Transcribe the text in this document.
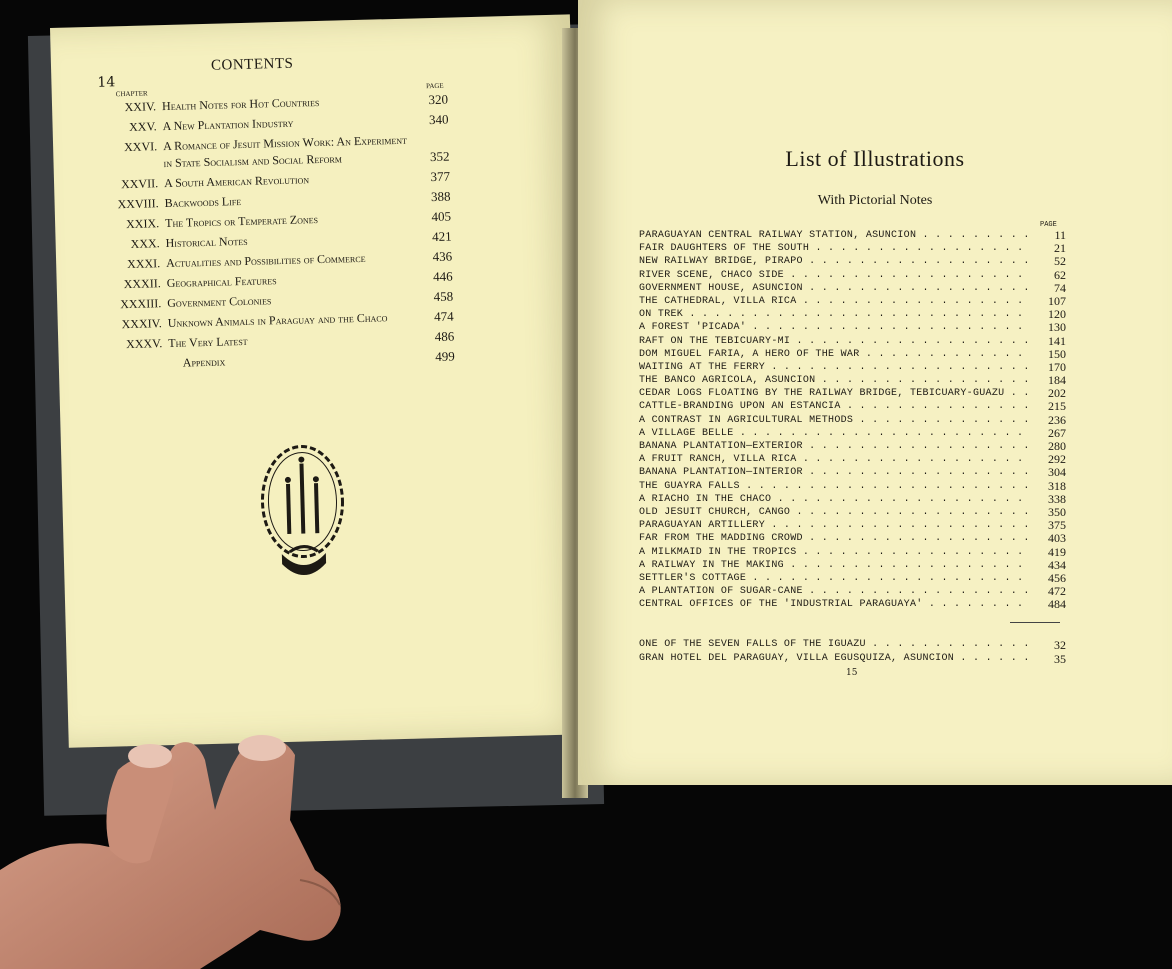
14
CONTENTS
CHAPTER
PAGE
XXIV. Health Notes for Hot Countries	320
XXV. A New Plantation Industry	340
XXVI. A Romance of Jesuit Mission Work: An Experiment in State Socialism and Social Reform	352
XXVII. A South American Revolution	377
XXVIII. Backwoods Life	388
XXIX. The Tropics or Temperate Zones	405
XXX. Historical Notes	421
XXXI. Actualities and Possibilities of Commerce	436
XXXII. Geographical Features	446
XXXIII. Government Colonies	458
XXXIV. Unknown Animals in Paraguay and the Chaco	474
XXXV. The Very Latest	486
Appendix	499
List of Illustrations
With Pictorial Notes
PAGE
PARAGUAYAN CENTRAL RAILWAY STATION, ASUNCION . . .	11
FAIR DAUGHTERS OF THE SOUTH . . .	21
NEW RAILWAY BRIDGE, PIRAPO . . .	52
RIVER SCENE, CHACO SIDE . . .	62
GOVERNMENT HOUSE, ASUNCION . . .	74
THE CATHEDRAL, VILLA RICA . . .	107
ON TREK . . .	120
A FOREST 'PICADA' . . .	130
RAFT ON THE TEBICUARY-MI . . .	141
DOM MIGUEL FARIA, A HERO OF THE WAR . . .	150
WAITING AT THE FERRY . . .	170
THE BANCO AGRICOLA, ASUNCION . . .	184
CEDAR LOGS FLOATING BY THE RAILWAY BRIDGE, TEBICUARY-GUAZU . . .	202
CATTLE-BRANDING UPON AN ESTANCIA . . .	215
A CONTRAST IN AGRICULTURAL METHODS . . .	236
A VILLAGE BELLE . . .	267
BANANA PLANTATION—EXTERIOR . . .	280
A FRUIT RANCH, VILLA RICA . . .	292
BANANA PLANTATION—INTERIOR . . .	304
THE GUAYRA FALLS . . .	318
A RIACHO IN THE CHACO . . .	338
OLD JESUIT CHURCH, CANGO . . .	350
PARAGUAYAN ARTILLERY . . .	375
FAR FROM THE MADDING CROWD . . .	403
A MILKMAID IN THE TROPICS . . .	419
A RAILWAY IN THE MAKING . . .	434
SETTLER'S COTTAGE . . .	456
A PLANTATION OF SUGAR-CANE . . .	472
CENTRAL OFFICES OF THE 'INDUSTRIAL PARAGUAYA' . . .	484
ONE OF THE SEVEN FALLS OF THE IGUAZU . . .	32
GRAN HOTEL DEL PARAGUAY, VILLA EGUSQUIZA, ASUNCION . . .	35
15
